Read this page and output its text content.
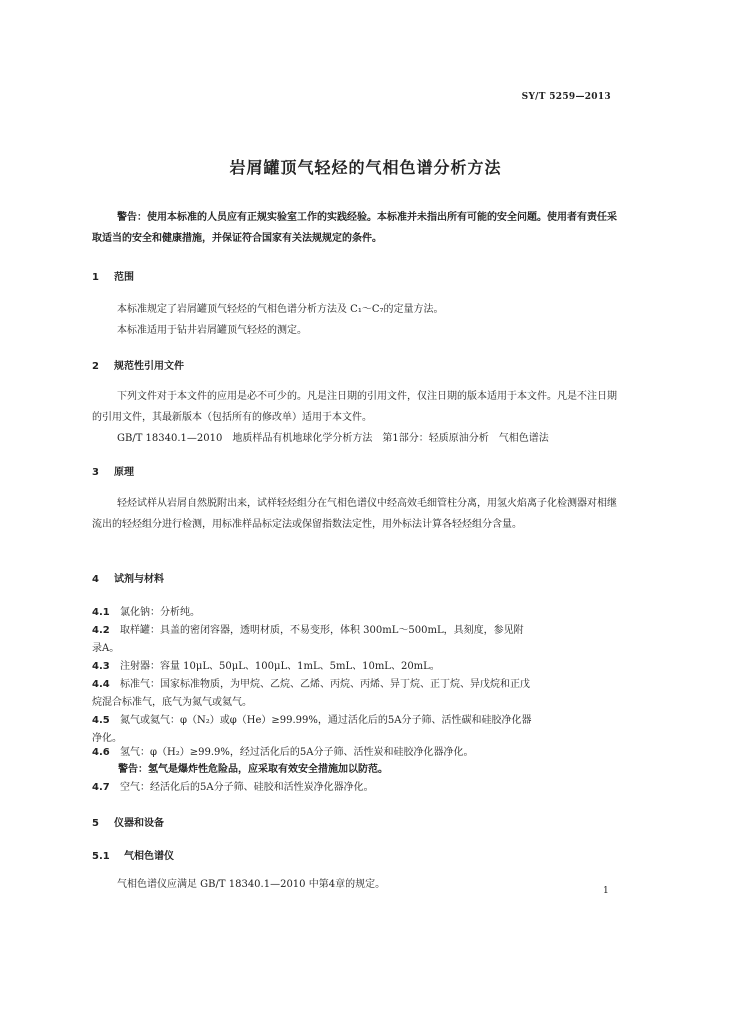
SY/T 5259—2013
岩屑罐顶气轻烃的气相色谱分析方法
警告：使用本标准的人员应有正规实验室工作的实践经验。本标准并未指出所有可能的安全问题。使用者有责任采取适当的安全和健康措施，并保证符合国家有关法规规定的条件。
1 范围
本标准规定了岩屑罐顶气轻烃的气相色谱分析方法及 C₁～C₇的定量方法。
本标准适用于钻井岩屑罐顶气轻烃的测定。
2 规范性引用文件
下列文件对于本文件的应用是必不可少的。凡是注日期的引用文件，仅注日期的版本适用于本文件。凡是不注日期的引用文件，其最新版本（包括所有的修改单）适用于本文件。
GB/T 18340.1—2010　地质样品有机地球化学分析方法　第1部分：轻质原油分析　气相色谱法
3 原理
轻烃试样从岩屑自然脱附出来，试样轻烃组分在气相色谱仪中经高效毛细管柱分离，用氢火焰离子化检测器对相继流出的轻烃组分进行检测，用标准样品标定法或保留指数法定性，用外标法计算各轻烃组分含量。
4 试剂与材料
4.1 氯化钠：分析纯。
4.2 取样罐：具盖的密闭容器，透明材质，不易变形，体积 300mL～500mL，具刻度，参见附
录A。
4.3 注射器：容量 10μL、50μL、100μL、1mL、5mL、10mL、20mL。
4.4 标准气：国家标准物质，为甲烷、乙烷、乙烯、丙烷、丙烯、异丁烷、正丁烷、异戊烷和正戊
烷混合标准气，底气为氮气或氦气。
4.5 氮气或氦气：φ（N₂）或φ（He）≥99.99%，通过活化后的5A分子筛、活性碳和硅胶净化器
净化。
4.6 氢气：φ（H₂）≥99.9%，经过活化后的5A分子筛、活性炭和硅胶净化器净化。
警告：氢气是爆炸性危险品，应采取有效安全措施加以防范。
4.7 空气：经活化后的5A分子筛、硅胶和活性炭净化器净化。
5 仪器和设备
5.1 气相色谱仪
气相色谱仪应满足 GB/T 18340.1—2010 中第4章的规定。
1
